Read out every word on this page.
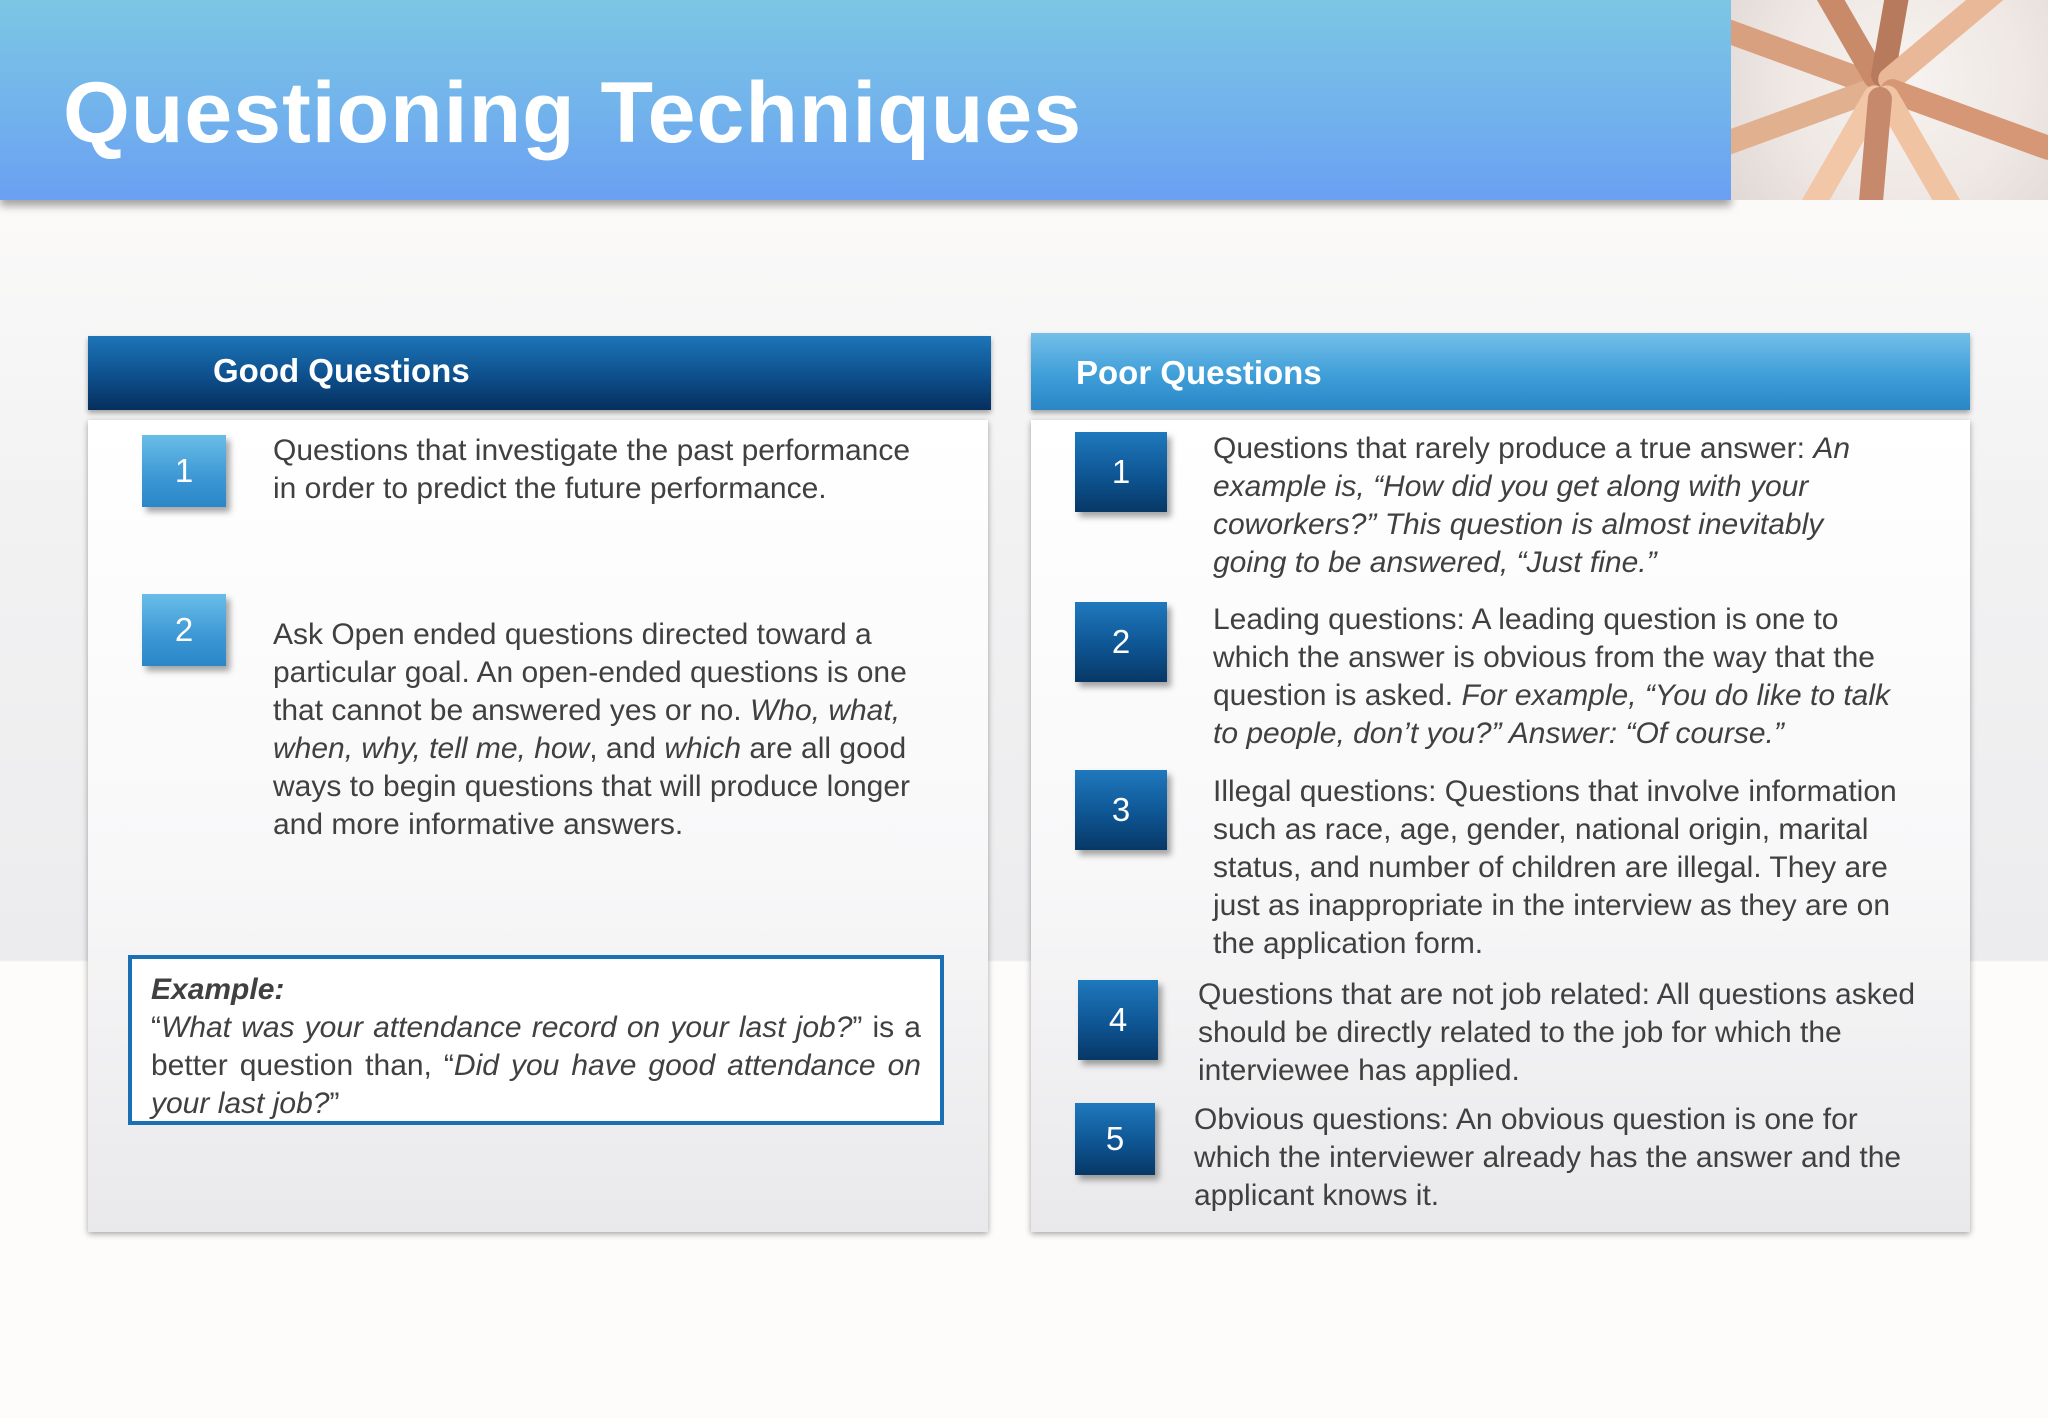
Questioning Techniques
Good Questions
1
Questions that investigate the past performance in order to predict the future performance.
2	Ask Open ended questions directed toward a particular goal. An open-ended questions is one that cannot be answered yes or no. Who, what, when, why, tell me, how, and which are all good ways to begin questions that will produce longer and more informative answers.
Example:
“What was your attendance record on your last job?” is a better question than, “Did you have good attendance on your last job?”
Poor Questions
1
Questions that rarely produce a true answer: An example is, “How did you get along with your coworkers?” This question is almost inevitably going to be answered, “Just fine.”
2
Leading questions: A leading question is one to which the answer is obvious from the way that the question is asked. For example, “You do like to talk to people, don’t you?” Answer: “Of course.”
3	Illegal questions: Questions that involve information such as race, age, gender, national origin, marital status, and number of children are illegal. They are
just as inappropriate in the interview as they are on the application form.
4
Questions that are not job related: All questions asked should be directly related to the job for which the interviewee has applied.
5
Obvious questions: An obvious question is one for which the interviewer already has the answer and the applicant knows it.
